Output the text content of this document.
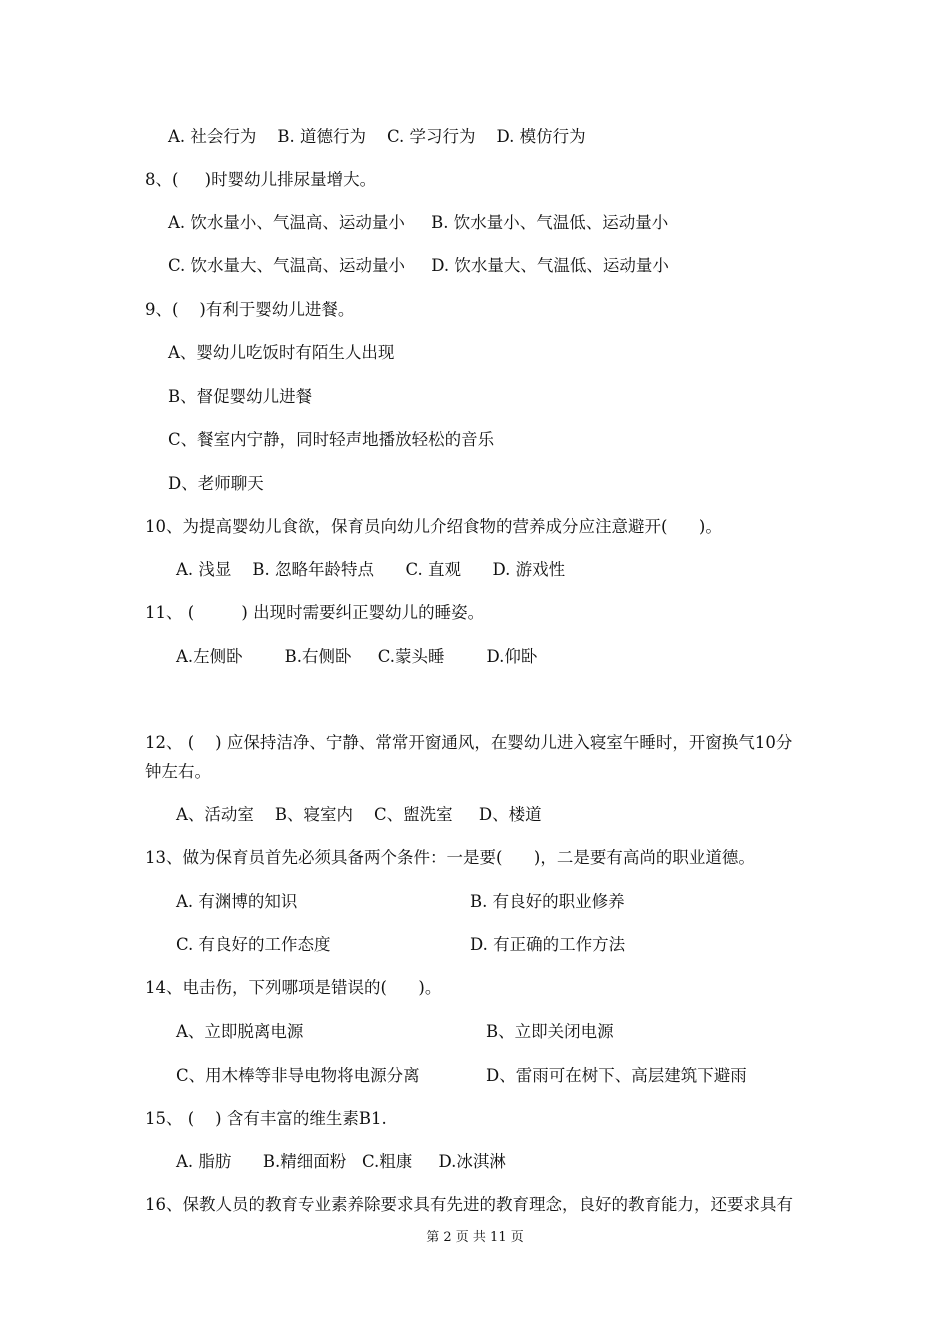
A. 社会行为    B. 道德行为    C. 学习行为    D. 模仿行为
8、(     )时婴幼儿排尿量增大。
A. 饮水量小、气温高、运动量小     B. 饮水量小、气温低、运动量小
C. 饮水量大、气温高、运动量小     D. 饮水量大、气温低、运动量小
9、(    )有利于婴幼儿进餐。
A、婴幼儿吃饭时有陌生人出现
B、督促婴幼儿进餐
C、餐室内宁静，同时轻声地播放轻松的音乐
D、老师聊天
10、为提高婴幼儿食欲，保育员向幼儿介绍食物的营养成分应注意避开(      )。
A. 浅显    B. 忽略年龄特点      C. 直观      D. 游戏性
11、 (         ) 出现时需要纠正婴幼儿的睡姿。
A.左侧卧        B.右侧卧     C.蒙头睡        D.仰卧
12、 (    ) 应保持洁净、宁静、常常开窗通风，在婴幼儿进入寝室午睡时，开窗换气10分
钟左右。
A、活动室    B、寝室内    C、盥洗室     D、楼道
13、做为保育员首先必须具备两个条件：一是要(      )，二是要有高尚的职业道德。
A. 有渊博的知识	B. 有良好的职业修养
C. 有良好的工作态度	D. 有正确的工作方法
14、电击伤，下列哪项是错误的(      )。
A、立即脱离电源	B、立即关闭电源
C、用木棒等非导电物将电源分离	D、雷雨可在树下、高层建筑下避雨
15、 (    ) 含有丰富的维生素B1.
A. 脂肪      B.精细面粉   C.粗康     D.冰淇淋
16、保教人员的教育专业素养除要求具有先进的教育理念，良好的教育能力，还要求具有
第 2 页 共 11 页
